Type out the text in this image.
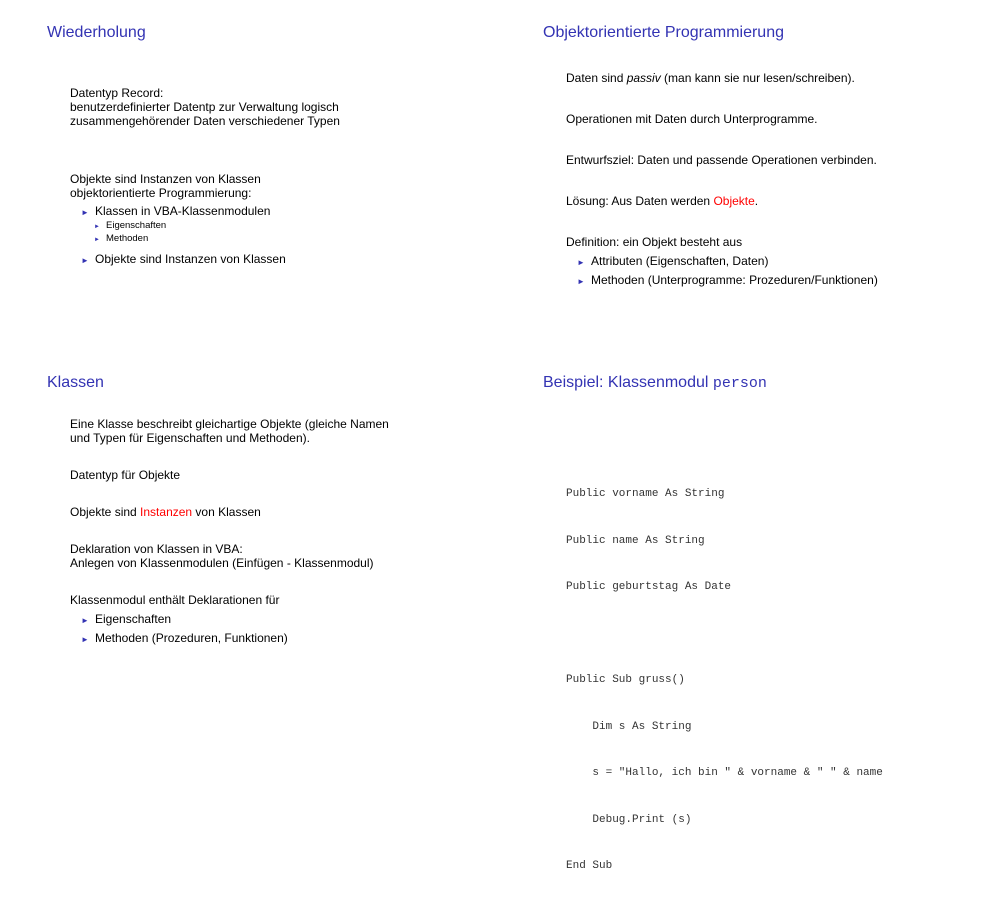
Wiederholung
Datentyp Record:
benutzerdefinierter Datentp zur Verwaltung logisch
zusammengehörender Daten verschiedener Typen
Objekte sind Instanzen von Klassen
objektorientierte Programmierung:
► Klassen in VBA-Klassenmodulen
► Eigenschaften
► Methoden
► Objekte sind Instanzen von Klassen
Objektorientierte Programmierung
Daten sind passiv (man kann sie nur lesen/schreiben).
Operationen mit Daten durch Unterprogramme.
Entwurfsziel: Daten und passende Operationen verbinden.
Lösung: Aus Daten werden Objekte.
Definition: ein Objekt besteht aus
► Attributen (Eigenschaften, Daten)
► Methoden (Unterprogramme: Prozeduren/Funktionen)
Klassen
Eine Klasse beschreibt gleichartige Objekte (gleiche Namen
und Typen für Eigenschaften und Methoden).
Datentyp für Objekte
Objekte sind Instanzen von Klassen
Deklaration von Klassen in VBA:
Anlegen von Klassenmodulen (Einfügen - Klassenmodul)
Klassenmodul enthält Deklarationen für
► Eigenschaften
► Methoden (Prozeduren, Funktionen)
Beispiel: Klassenmodul person

Public vorname As String

Public name As String

Public geburtstag As Date

Public Sub gruss()

Dim s As String

s = "Hallo, ich bin " & vorname & " " & name

Debug.Print (s)

End Sub
